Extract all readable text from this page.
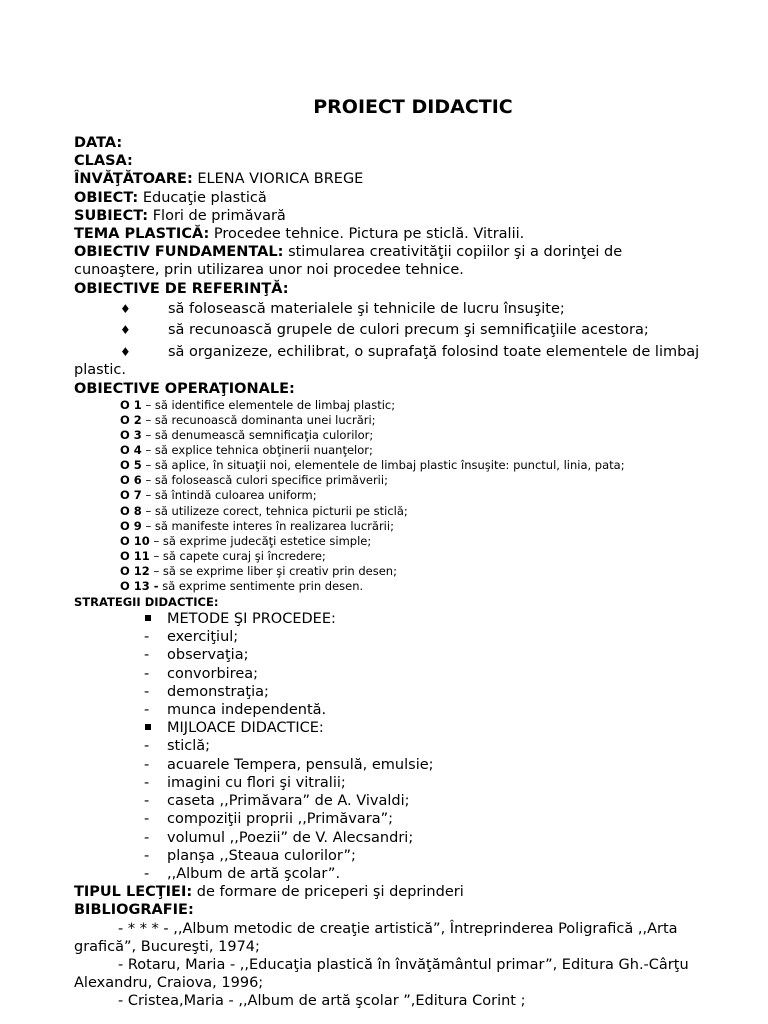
PROIECT DIDACTIC
DATA:
CLASA:
ÎNVĂŢĂTOARE: ELENA VIORICA BREGE
OBIECT: Educaţie plastică
SUBIECT: Flori de primăvară
TEMA PLASTICĂ: Procedee tehnice. Pictura pe sticlă. Vitralii.
OBIECTIV FUNDAMENTAL: stimularea creativităţii copiilor şi a dorinţei de
cunoaştere, prin utilizarea unor noi procedee tehnice.
OBIECTIVE DE REFERINŢĂ:
♦	să folosească materialele şi tehnicile de lucru însuşite;
♦	să recunoască grupele de culori precum şi semnificaţiile acestora;
♦	să organizeze, echilibrat, o suprafaţă folosind toate elementele de limbaj
plastic.
OBIECTIVE OPERAŢIONALE:
O 1 – să identifice elementele de limbaj plastic;
O 2 – să recunoască dominanta unei lucrări;
O 3 – să denumească semnificaţia culorilor;
O 4 – să explice tehnica obţinerii nuanţelor;
O 5 – să aplice, în situaţii noi, elementele de limbaj plastic însuşite: punctul, linia, pata;
O 6 – să folosească culori specifice primăverii;
O 7 – să întindă culoarea uniform;
O 8 – să utilizeze corect, tehnica picturii pe sticlă;
O 9 – să manifeste interes în realizarea lucrării;
O 10 – să exprime judecăţi estetice simple;
O 11 – să capete curaj şi încredere;
O 12 – să se exprime liber şi creativ prin desen;
O 13 - să exprime sentimente prin desen.
STRATEGII DIDACTICE:
METODE ŞI PROCEDEE:
-	exerciţiul;
-	observaţia;
-	convorbirea;
-	demonstraţia;
-	munca independentă.
MIJLOACE DIDACTICE:
-	sticlă;
-	acuarele Tempera, pensulă, emulsie;
-	imagini cu flori şi vitralii;
-	caseta ,,Primăvara” de A. Vivaldi;
-	compoziţii proprii ,,Primăvara”;
-	volumul ,,Poezii” de V. Alecsandri;
-	planşa ,,Steaua culorilor”;
-	,,Album de artă şcolar”.
TIPUL LECŢIEI: de formare de priceperi şi deprinderi
BIBLIOGRAFIE:
- * * * - ,,Album metodic de creaţie artistică”, Întreprinderea Poligrafică ,,Arta
grafică”, Bucureşti, 1974;
- Rotaru, Maria - ,,Educaţia plastică în învăţământul primar”, Editura Gh.-Cârţu
Alexandru, Craiova, 1996;
- Cristea,Maria - ,,Album de artă şcolar ”,Editura Corint ;
